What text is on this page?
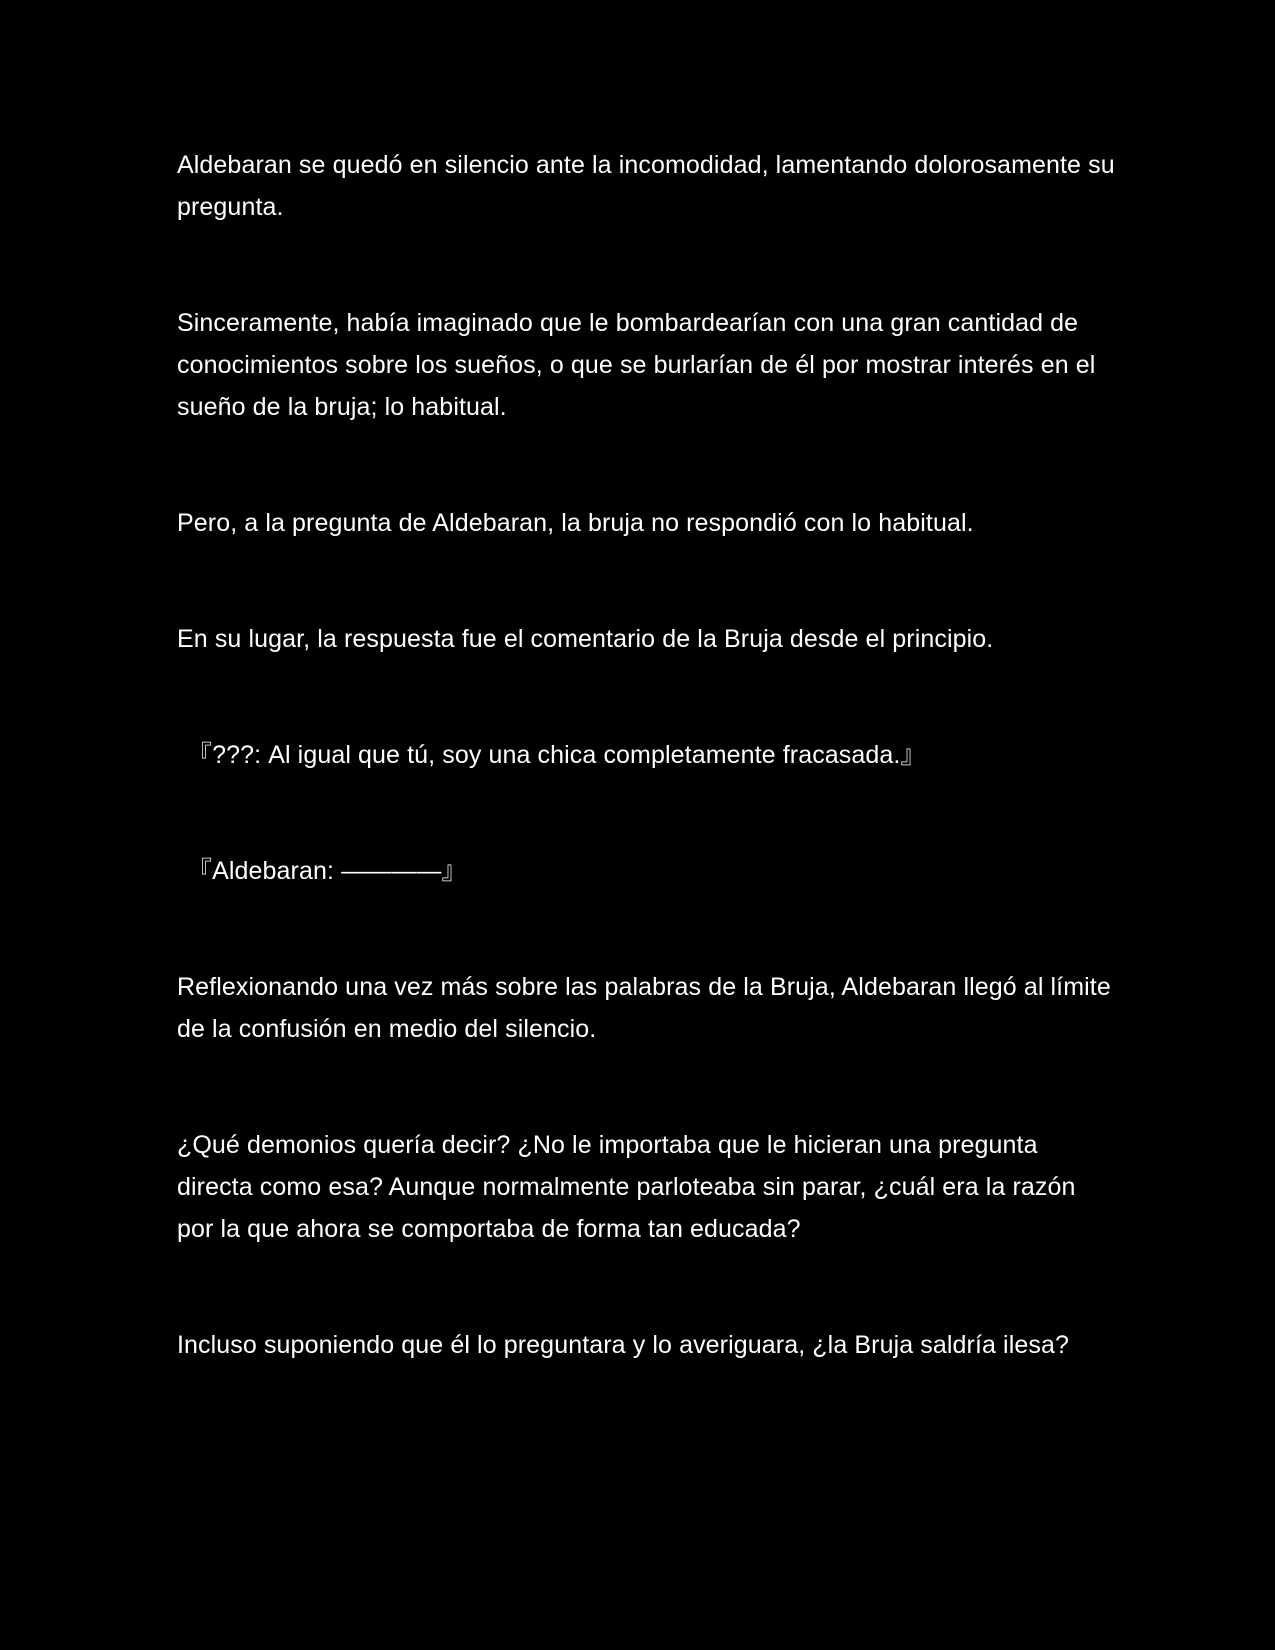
Aldebaran se quedó en silencio ante la incomodidad, lamentando dolorosamente su pregunta.

Sinceramente, había imaginado que le bombardearían con una gran cantidad de conocimientos sobre los sueños, o que se burlarían de él por mostrar interés en el sueño de la bruja; lo habitual.

Pero, a la pregunta de Aldebaran, la bruja no respondió con lo habitual.

En su lugar, la respuesta fue el comentario de la Bruja desde el principio.

『???: Al igual que tú, soy una chica completamente fracasada.』

『Aldebaran: ————』

Reflexionando una vez más sobre las palabras de la Bruja, Aldebaran llegó al límite de la confusión en medio del silencio.

¿Qué demonios quería decir? ¿No le importaba que le hicieran una pregunta directa como esa? Aunque normalmente parloteaba sin parar, ¿cuál era la razón por la que ahora se comportaba de forma tan educada?

Incluso suponiendo que él lo preguntara y lo averiguara, ¿la Bruja saldría ilesa?
